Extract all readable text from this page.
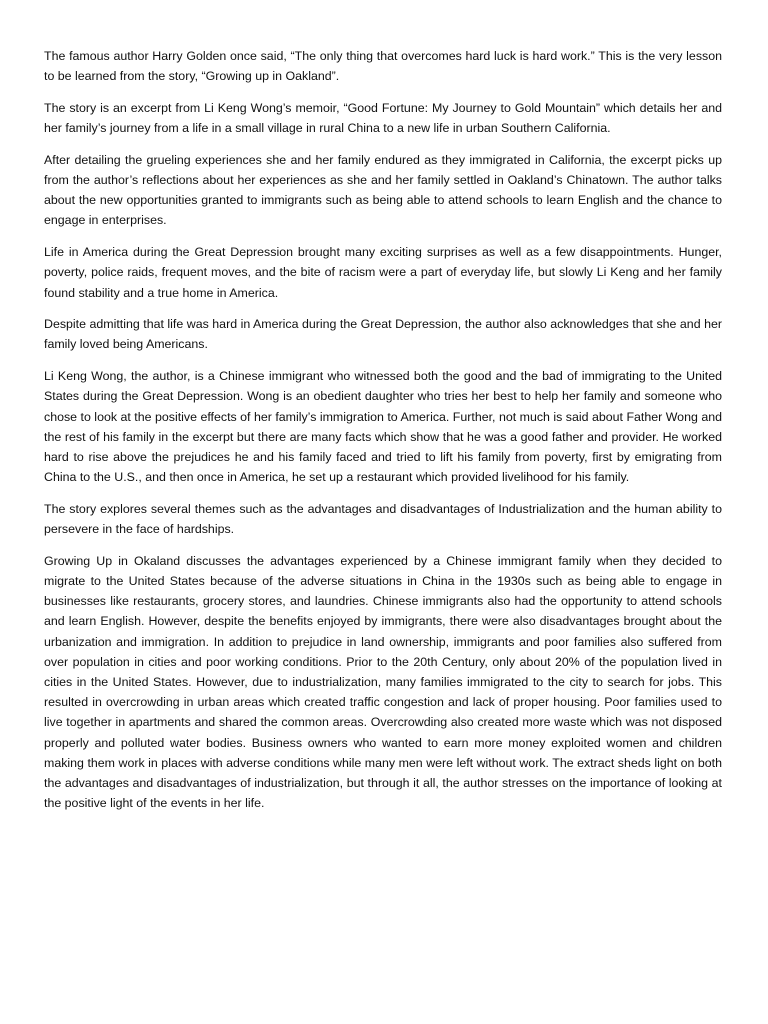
The famous author Harry Golden once said, “The only thing that overcomes hard luck is hard work.” This is the very lesson to be learned from the story, “Growing up in Oakland”.

The story is an excerpt from Li Keng Wong’s memoir, “Good Fortune: My Journey to Gold Mountain” which details her and her family’s journey from a life in a small village in rural China to a new life in urban Southern California.

After detailing the grueling experiences she and her family endured as they immigrated in California, the excerpt picks up from the author’s reflections about her experiences as she and her family settled in Oakland’s Chinatown. The author talks about the new opportunities granted to immigrants such as being able to attend schools to learn English and the chance to engage in enterprises.

Life in America during the Great Depression brought many exciting surprises as well as a few disappointments. Hunger, poverty, police raids, frequent moves, and the bite of racism were a part of everyday life, but slowly Li Keng and her family found stability and a true home in America.

Despite admitting that life was hard in America during the Great Depression, the author also acknowledges that she and her family loved being Americans.

Li Keng Wong, the author, is a Chinese immigrant who witnessed both the good and the bad of immigrating to the United States during the Great Depression. Wong is an obedient daughter who tries her best to help her family and someone who chose to look at the positive effects of her family’s immigration to America. Further, not much is said about Father Wong and the rest of his family in the excerpt but there are many facts which show that he was a good father and provider. He worked hard to rise above the prejudices he and his family faced and tried to lift his family from poverty, first by emigrating from China to the U.S., and then once in America, he set up a restaurant which provided livelihood for his family.

The story explores several themes such as the advantages and disadvantages of Industrialization and the human ability to persevere in the face of hardships.

Growing Up in Okaland discusses the advantages experienced by a Chinese immigrant family when they decided to migrate to the United States because of the adverse situations in China in the 1930s such as being able to engage in businesses like restaurants, grocery stores, and laundries. Chinese immigrants also had the opportunity to attend schools and learn English. However, despite the benefits enjoyed by immigrants, there were also disadvantages brought about the urbanization and immigration. In addition to prejudice in land ownership, immigrants and poor families also suffered from over population in cities and poor working conditions. Prior to the 20th Century, only about 20% of the population lived in cities in the United States. However, due to industrialization, many families immigrated to the city to search for jobs. This resulted in overcrowding in urban areas which created traffic congestion and lack of proper housing. Poor families used to live together in apartments and shared the common areas. Overcrowding also created more waste which was not disposed properly and polluted water bodies. Business owners who wanted to earn more money exploited women and children making them work in places with adverse conditions while many men were left without work. The extract sheds light on both the advantages and disadvantages of industrialization, but through it all, the author stresses on the importance of looking at the positive light of the events in her life.
